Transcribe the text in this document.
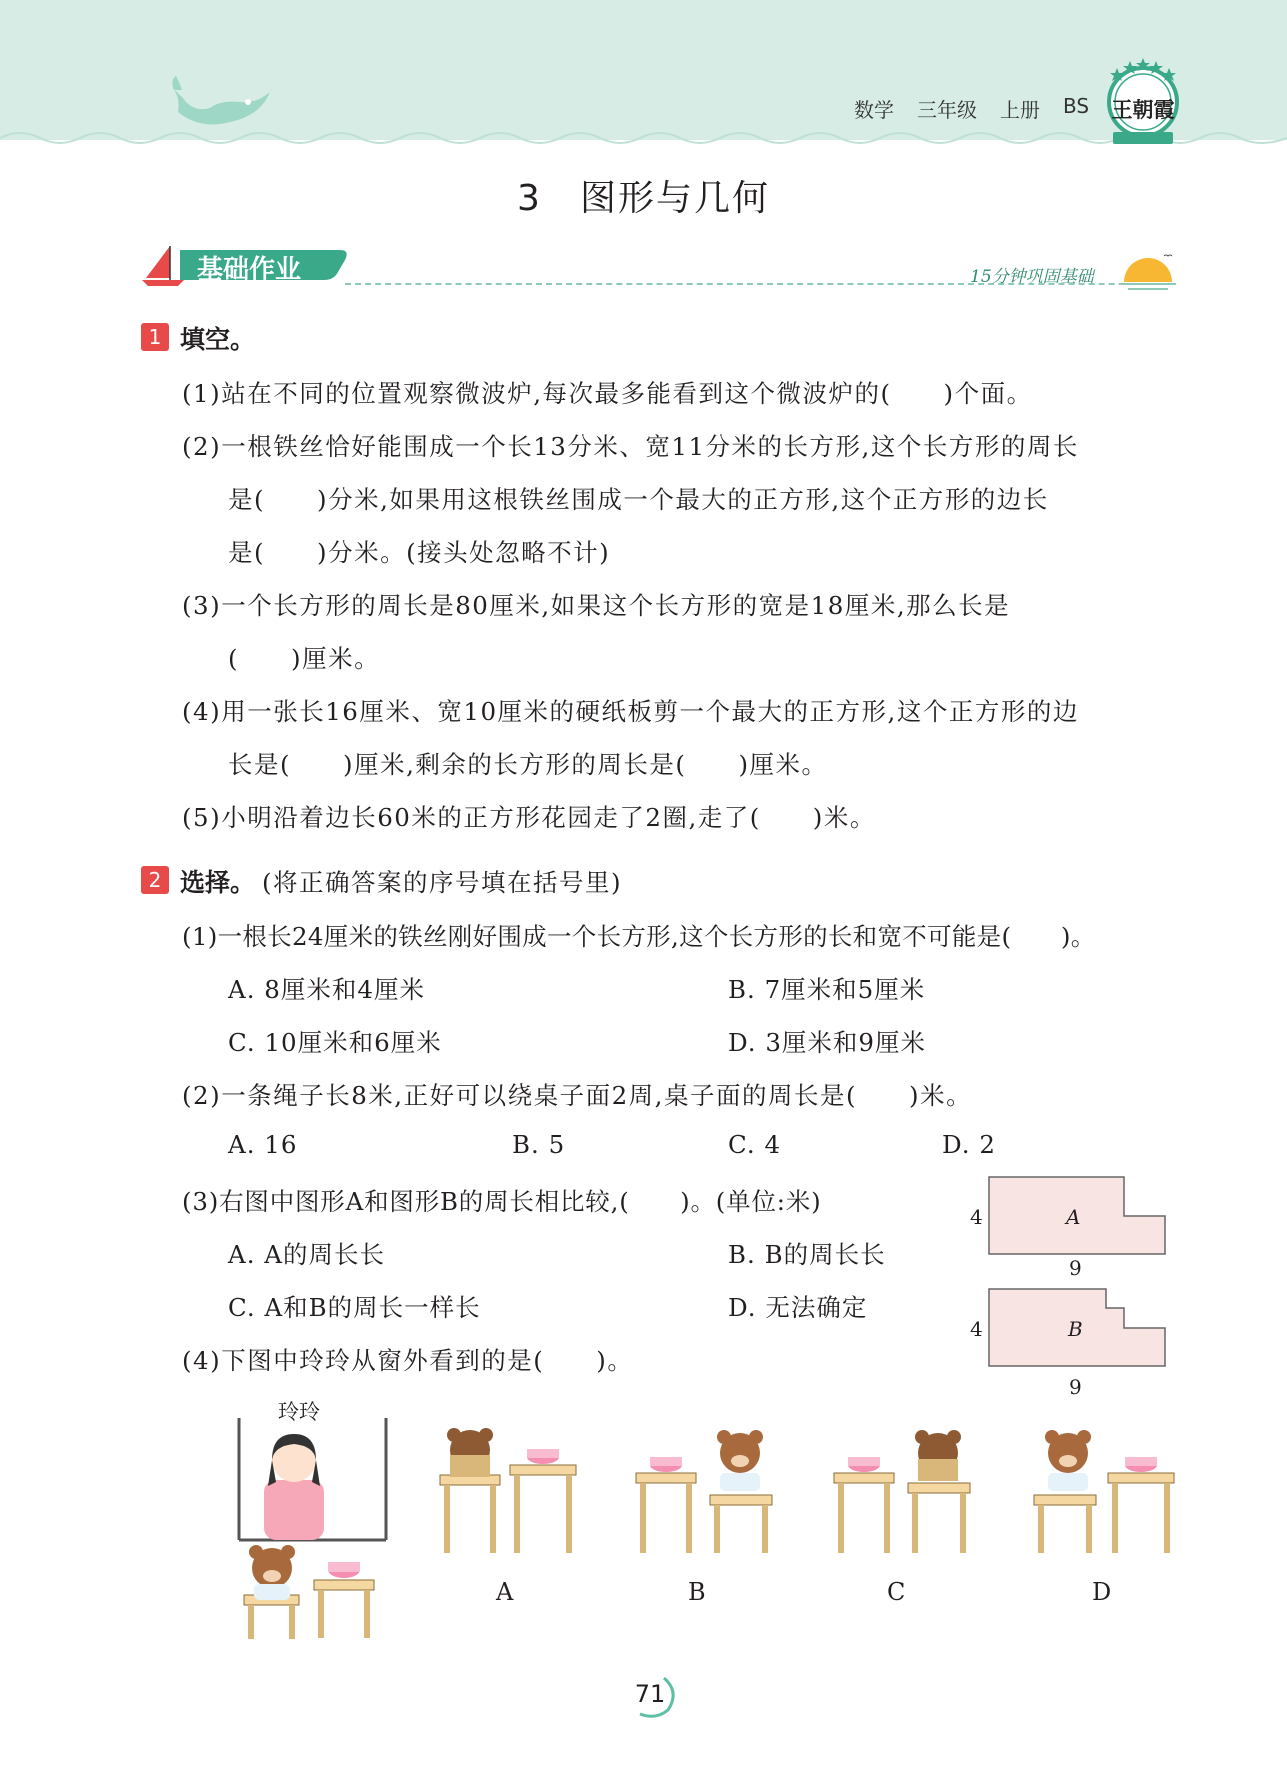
数学 三年级 上册 BS 王朝霞
3　图形与几何
基础作业	15分钟巩固基础
1 填空。
(1)站在不同的位置观察微波炉,每次最多能看到这个微波炉的(　　)个面。
(2)一根铁丝恰好能围成一个长13分米、宽11分米的长方形,这个长方形的周长
是(　　)分米,如果用这根铁丝围成一个最大的正方形,这个正方形的边长
是(　　)分米。(接头处忽略不计)
(3)一个长方形的周长是80厘米,如果这个长方形的宽是18厘米,那么长是
(　　)厘米。
(4)用一张长16厘米、宽10厘米的硬纸板剪一个最大的正方形,这个正方形的边
长是(　　)厘米,剩余的长方形的周长是(　　)厘米。
(5)小明沿着边长60米的正方形花园走了2圈,走了(　　)米。
2 选择。 (将正确答案的序号填在括号里)
(1)一根长24厘米的铁丝刚好围成一个长方形,这个长方形的长和宽不可能是(　　)。
A. 8厘米和4厘米	B. 7厘米和5厘米
C. 10厘米和6厘米	D. 3厘米和9厘米
(2)一条绳子长8米,正好可以绕桌子面2周,桌子面的周长是(　　)米。
A. 16	B. 5	C. 4	D. 2
(3)右图中图形A和图形B的周长相比较,(　　)。(单位:米)
A. A的周长长	B. B的周长长
C. A和B的周长一样长	D. 无法确定
A
4
9
B
4
9
(4)下图中玲玲从窗外看到的是(　　)。
玲玲
A	B	C	D
71
